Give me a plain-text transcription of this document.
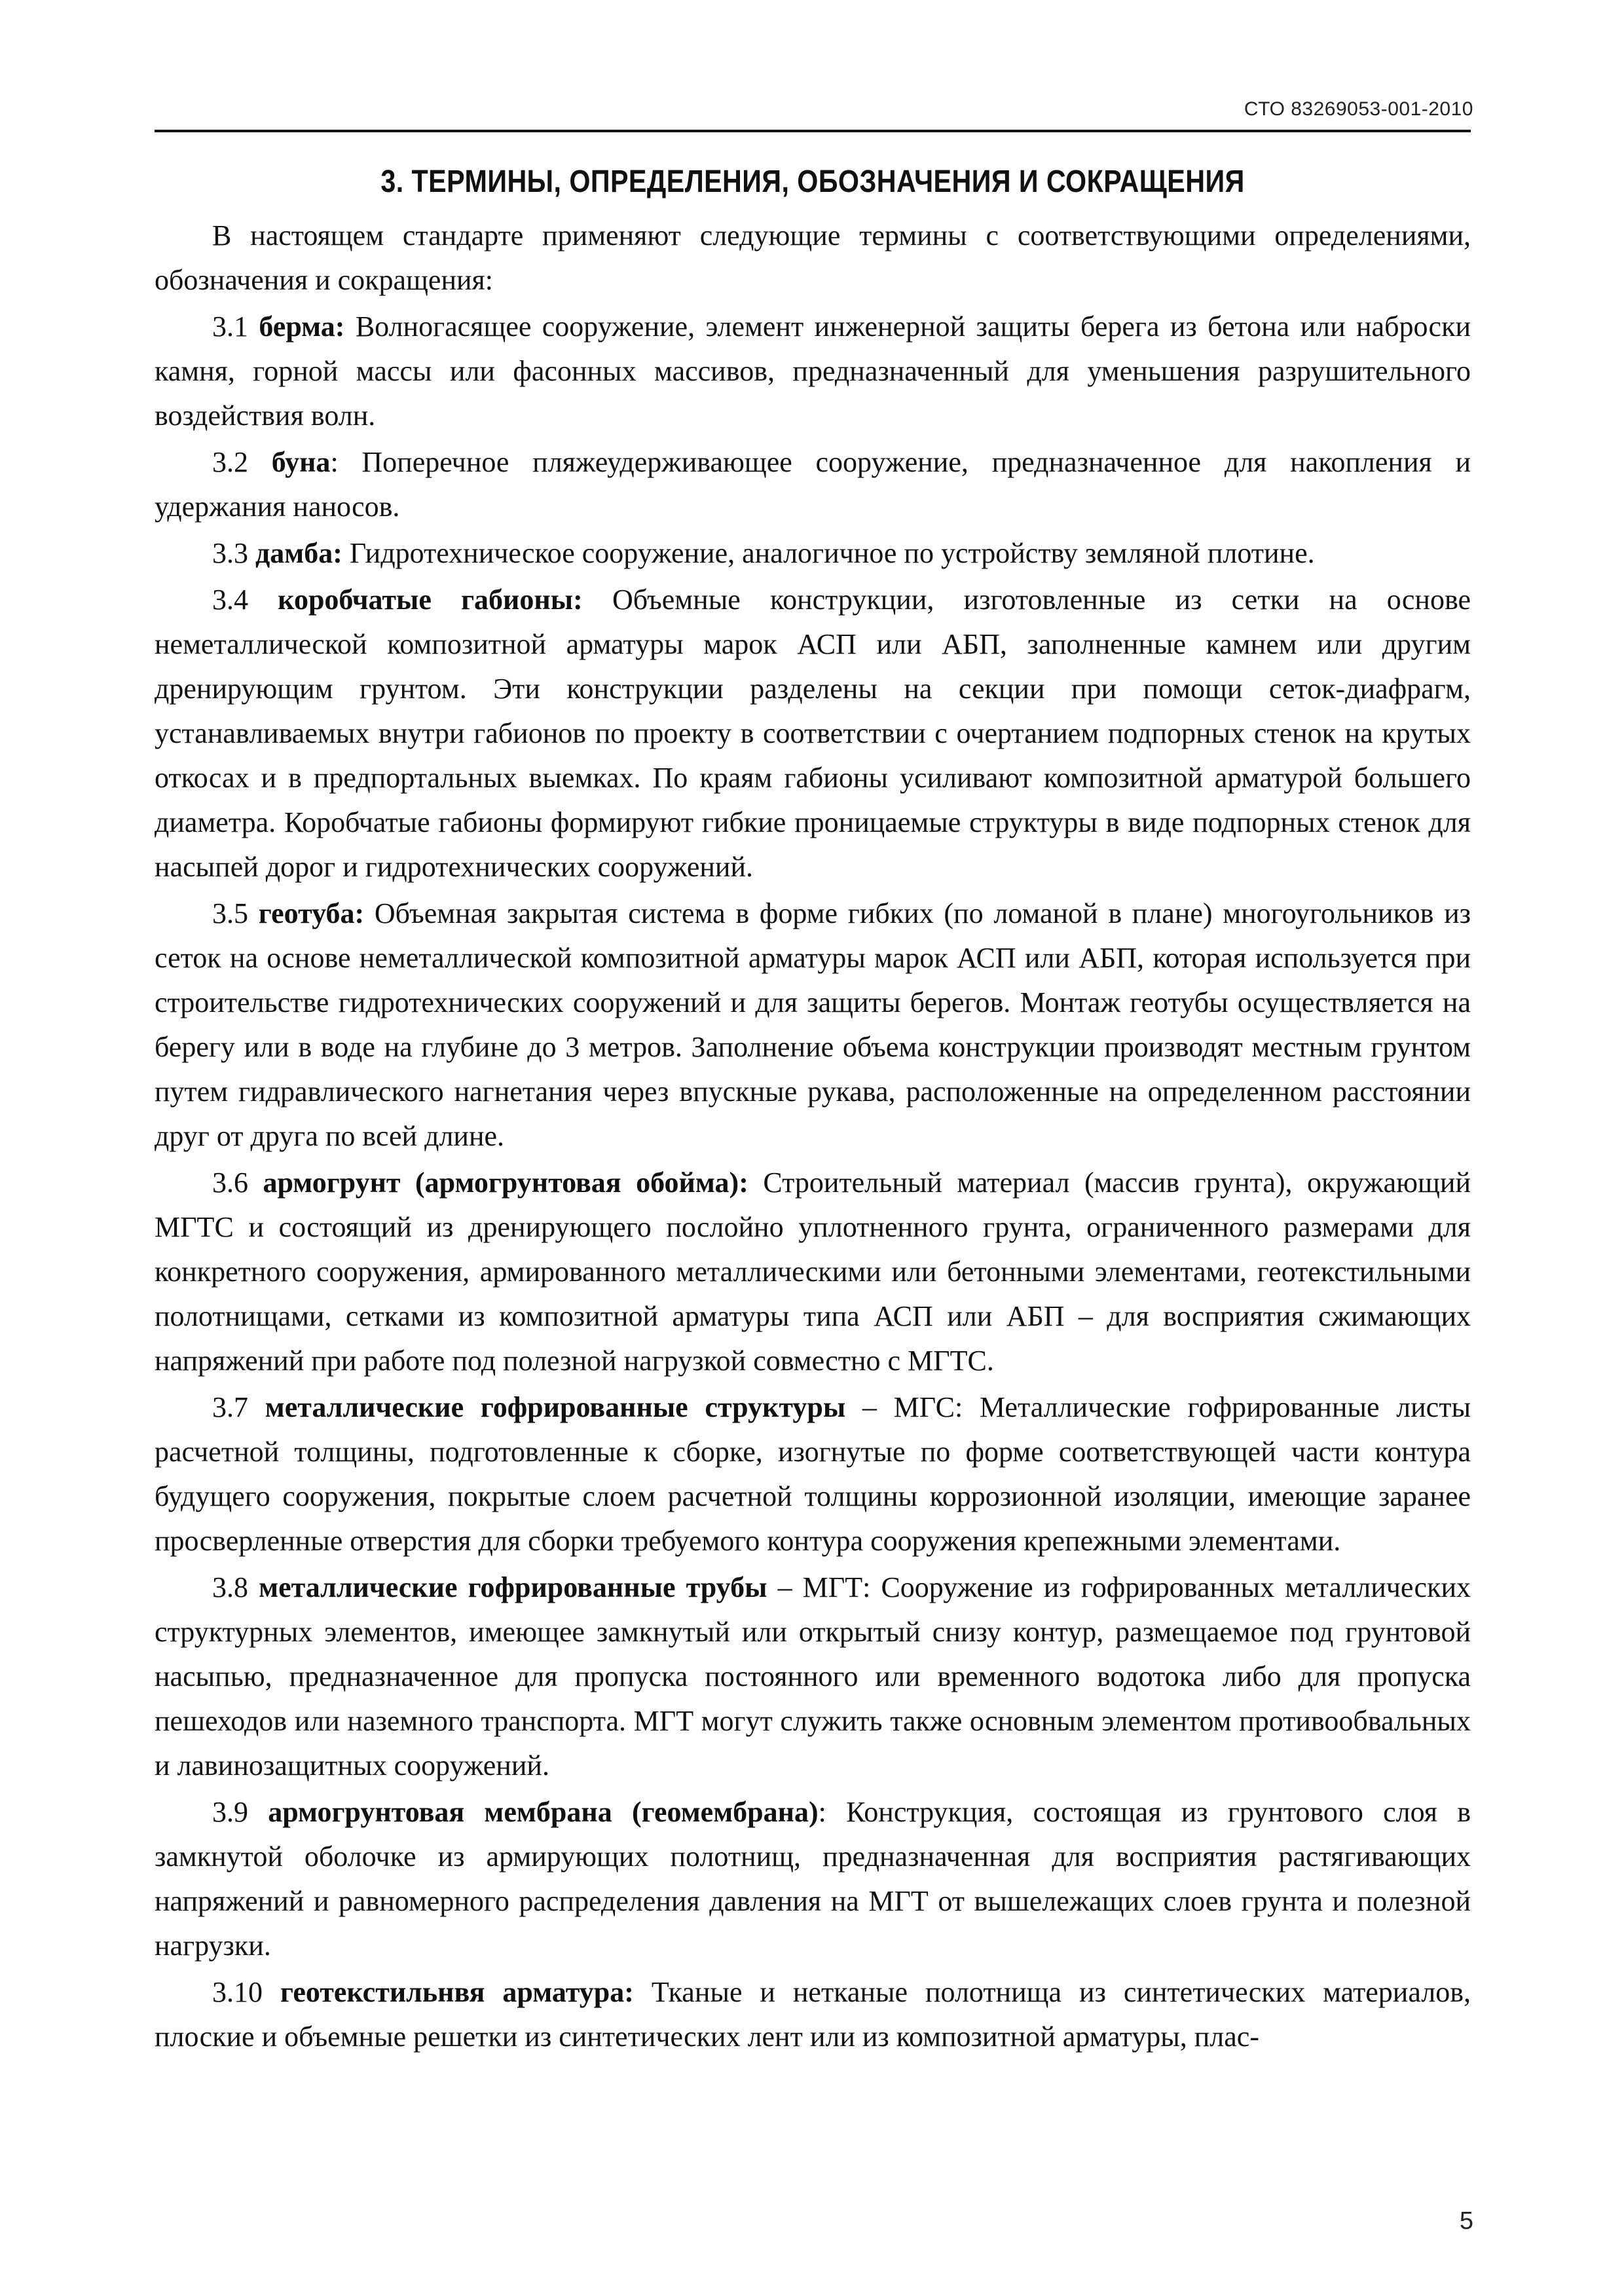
СТО 83269053-001-2010
3. ТЕРМИНЫ, ОПРЕДЕЛЕНИЯ, ОБОЗНАЧЕНИЯ И СОКРАЩЕНИЯ

В настоящем стандарте применяют следующие термины с соответствующими определениями, обозначения и сокращения:

3.1 берма: Волногасящее сооружение, элемент инженерной защиты берега из бетона или наброски камня, горной массы или фасонных массивов, предназначенный для уменьшения разрушительного воздействия волн.

3.2 буна: Поперечное пляжеудерживающее сооружение, предназначенное для накопления и удержания наносов.

3.3 дамба: Гидротехническое сооружение, аналогичное по устройству земляной плотине.

3.4 коробчатые габионы: Объемные конструкции, изготовленные из сетки на основе неметаллической композитной арматуры марок АСП или АБП, заполненные камнем или другим дренирующим грунтом. Эти конструкции разделены на секции при помощи сеток-диафрагм, устанавливаемых внутри габионов по проекту в соответствии с очертанием подпорных стенок на крутых откосах и в предпортальных выемках. По краям габионы усиливают композитной арматурой большего диаметра. Коробчатые габионы формируют гибкие проницаемые структуры в виде подпорных стенок для насыпей дорог и гидротехнических сооружений.

3.5 геотуба: Объемная закрытая система в форме гибких (по ломаной в плане) многоугольников из сеток на основе неметаллической композитной арматуры марок АСП или АБП, которая используется при строительстве гидротехнических сооружений и для защиты берегов. Монтаж геотубы осуществляется на берегу или в воде на глубине до 3 метров. Заполнение объема конструкции производят местным грунтом путем гидравлического нагнетания через впускные рукава, расположенные на определенном расстоянии друг от друга по всей длине.

3.6 армогрунт (армогрунтовая обойма): Строительный материал (массив грунта), окружающий МГТС и состоящий из дренирующего послойно уплотненного грунта, ограниченного размерами для конкретного сооружения, армированного металлическими или бетонными элементами, геотекстильными полотнищами, сетками из композитной арматуры типа АСП или АБП – для восприятия сжимающих напряжений при работе под полезной нагрузкой совместно с МГТС.

3.7 металлические гофрированные структуры – МГС: Металлические гофрированные листы расчетной толщины, подготовленные к сборке, изогнутые по форме соответствующей части контура будущего сооружения, покрытые слоем расчетной толщины коррозионной изоляции, имеющие заранее просверленные отверстия для сборки требуемого контура сооружения крепежными элементами.

3.8 металлические гофрированные трубы – МГТ: Сооружение из гофрированных металлических структурных элементов, имеющее замкнутый или открытый снизу контур, размещаемое под грунтовой насыпью, предназначенное для пропуска постоянного или временного водотока либо для пропуска пешеходов или наземного транспорта. МГТ могут служить также основным элементом противообвальных и лавинозащитных сооружений.

3.9 армогрунтовая мембрана (геомембрана): Конструкция, состоящая из грунтового слоя в замкнутой оболочке из армирующих полотнищ, предназначенная для восприятия растягивающих напряжений и равномерного распределения давления на МГТ от вышележащих слоев грунта и полезной нагрузки.

3.10 геотекстильнвя арматура: Тканые и нетканые полотнища из синтетических материалов, плоские и объемные решетки из синтетических лент или из композитной арматуры, плас-

5
